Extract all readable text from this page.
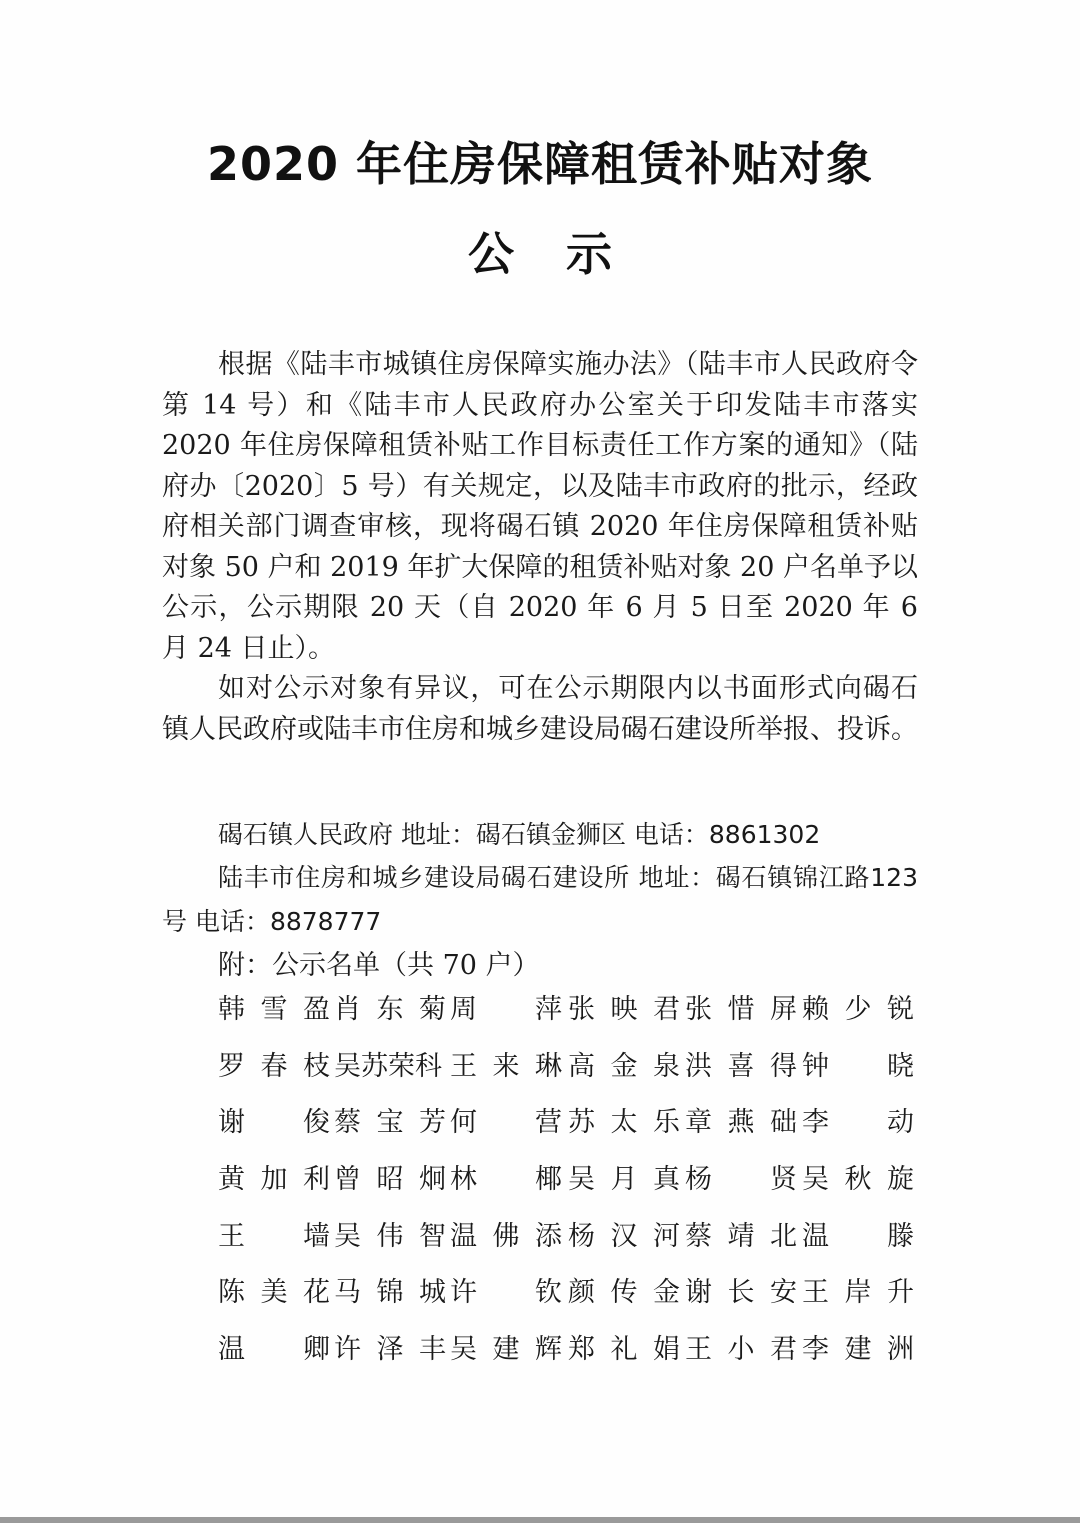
2020 年住房保障租赁补贴对象
公示
根据《陆丰市城镇住房保障实施办法》（陆丰市人民政府令第 14 号）和《陆丰市人民政府办公室关于印发陆丰市落实 2020 年住房保障租赁补贴工作目标责任工作方案的通知》（陆府办〔2020〕5 号）有关规定，以及陆丰市政府的批示，经政府相关部门调查审核，现将碣石镇 2020 年住房保障租赁补贴对象 50 户和 2019 年扩大保障的租赁补贴对象 20 户名单予以公示，公示期限 20 天（自 2020 年 6 月 5 日至 2020 年 6 月 24 日止）。
如对公示对象有异议，可在公示期限内以书面形式向碣石镇人民政府或陆丰市住房和城乡建设局碣石建设所举报、投诉。
碣石镇人民政府 地址：碣石镇金狮区 电话：8861302
陆丰市住房和城乡建设局碣石建设所 地址：碣石镇锦江路123 号 电话：8878777
附：公示名单（共 70 户）
韩 雪 盈 肖 东 菊 周 萍 张 映 君 张 惜 屏 赖 少 锐
罗 春 枝 吴苏荣科 王 来 琳 高 金 泉 洪 喜 得 钟 晓
谢 俊 蔡 宝 芳 何 营 苏 太 乐 章 燕 础 李 动
黄 加 利 曾 昭 炯 林 椰 吴 月 真 杨 贤 吴 秋 旋
王 墙 吴 伟 智 温 佛 添 杨 汉 河 蔡 靖 北 温 滕
陈 美 花 马 锦 城 许 钦 颜 传 金 谢 长 安 王 岸 升
温 卿 许 泽 丰 吴 建 辉 郑 礼 娟 王 小 君 李 建 洲
